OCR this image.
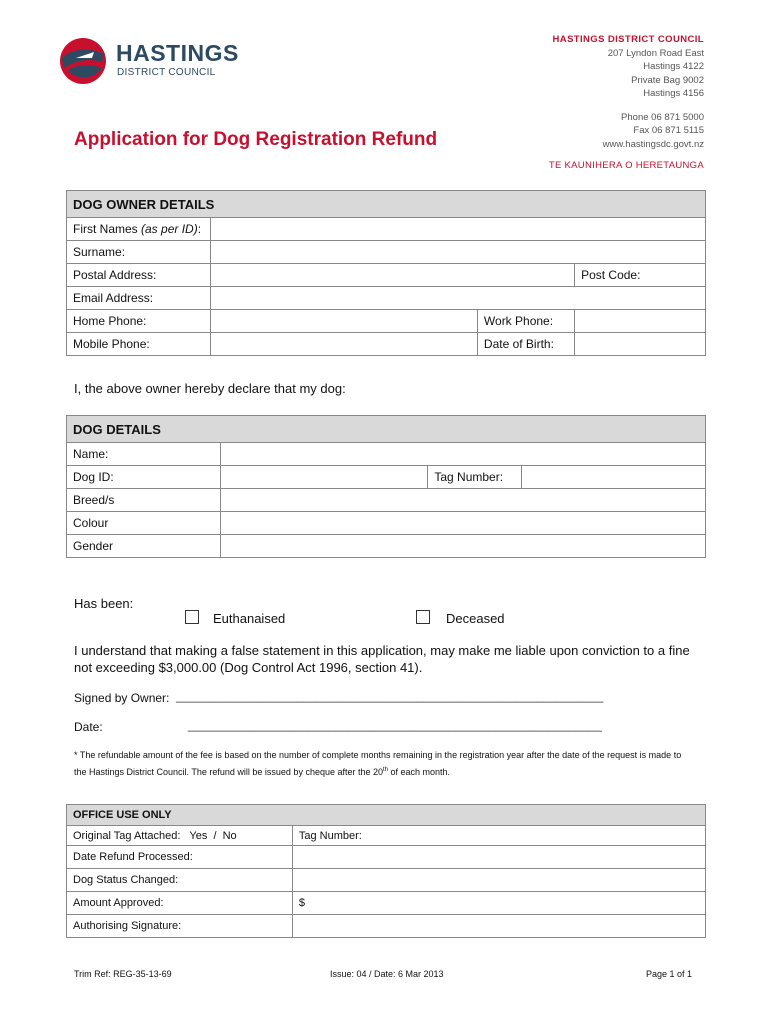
HASTINGS
DISTRICT COUNCIL
HASTINGS DISTRICT COUNCIL
207 Lyndon Road East
Hastings 4122
Private Bag 9002
Hastings 4156
Phone 06 871 5000
Fax 06 871 5115
www.hastingsdc.govt.nz
TE KAUNIHERA O HERETAUNGA
Application for Dog Registration Refund
DOG OWNER DETAILS			
First Names (as per ID):			
Surname:			
Postal Address:			Post Code:
Email Address:			
Home Phone:		Work Phone:	
Mobile Phone:		Date of Birth:	
I, the above owner hereby declare that my dog:
DOG DETAILS			
Name:			
Dog ID:		Tag Number:	
Breed/s			
Colour			
Gender			
Has been:
Euthanaised	Deceased
I understand that making a false statement in this application, may make me liable upon conviction to a fine not exceeding $3,000.00 (Dog Control Act 1996, section 41).
Signed by Owner: ________________________________________________________________
Date:	______________________________________________________________
* The refundable amount of the fee is based on the number of complete months remaining in the registration year after the date of the request is made to the Hastings District Council. The refund will be issued by cheque after the 20th of each month.
OFFICE USE ONLY	
Original Tag Attached:   Yes  /  No	Tag Number:
Date Refund Processed:	
Dog Status Changed:	
Amount Approved:	$
Authorising Signature:	
Trim Ref: REG-35-13-69	Issue: 04 / Date: 6 Mar 2013	Page 1 of 1
